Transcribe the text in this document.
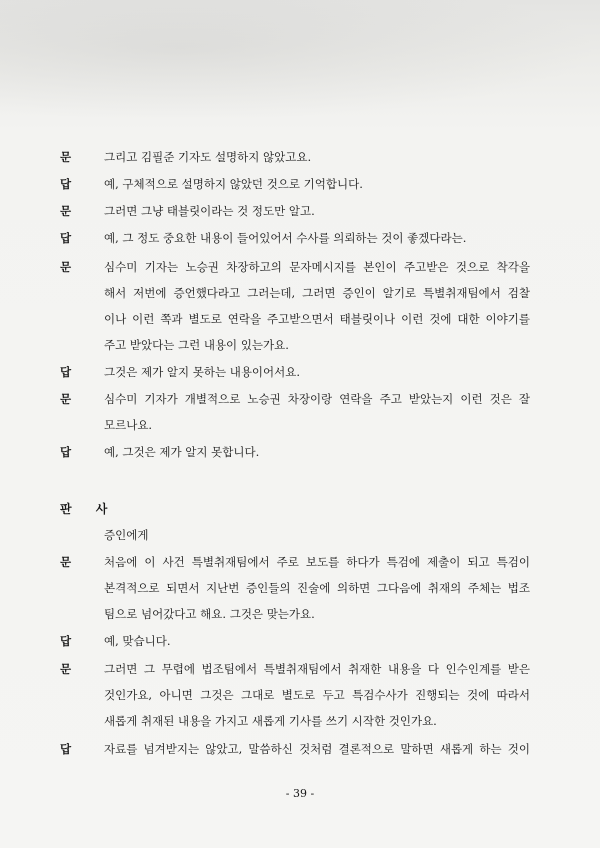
문	그리고 김필준 기자도 설명하지 않았고요.
답	예, 구체적으로 설명하지 않았던 것으로 기억합니다.
문	그러면 그냥 태블릿이라는 것 정도만 알고.
답	예, 그 정도 중요한 내용이 들어있어서 수사를 의뢰하는 것이 좋겠다라는.
문	심수미 기자는 노승권 차장하고의 문자메시지를 본인이 주고받은 것으로 착각을
해서 저번에 증언했다라고 그러는데, 그러면 증인이 알기로 특별취재팀에서 검찰
이나 이런 쪽과 별도로 연락을 주고받으면서 태블릿이나 이런 것에 대한 이야기를
주고 받았다는 그런 내용이 있는가요.
답	그것은 제가 알지 못하는 내용이어서요.
문	심수미 기자가 개별적으로 노승권 차장이랑 연락을 주고 받았는지 이런 것은 잘
모르나요.
답	예, 그것은 제가 알지 못합니다.
판 사
증인에게
문	처음에 이 사건 특별취재팀에서 주로 보도를 하다가 특검에 제출이 되고 특검이
본격적으로 되면서 지난번 증인들의 진술에 의하면 그다음에 취재의 주체는 법조
팀으로 넘어갔다고 해요. 그것은 맞는가요.
답	예, 맞습니다.
문	그러면 그 무렵에 법조팀에서 특별취재팀에서 취재한 내용을 다 인수인계를 받은
것인가요, 아니면 그것은 그대로 별도로 두고 특검수사가 진행되는 것에 따라서
새롭게 취재된 내용을 가지고 새롭게 기사를 쓰기 시작한 것인가요.
답	자료를 넘겨받지는 않았고, 말씀하신 것처럼 결론적으로 말하면 새롭게 하는 것이
- 39 -
